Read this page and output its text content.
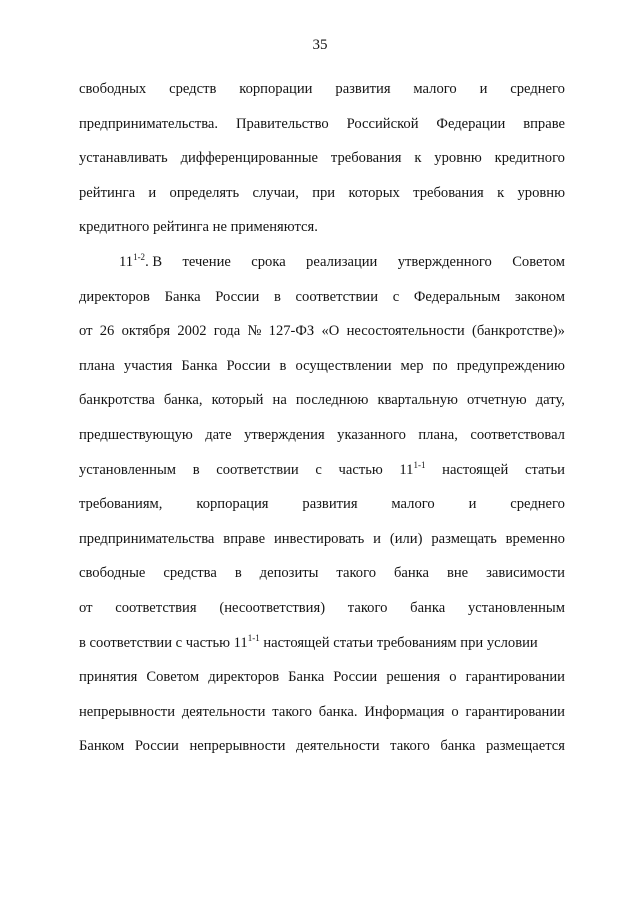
35
свободных средств корпорации развития малого и среднего
предпринимательства. Правительство Российской Федерации вправе
устанавливать дифференцированные требования к уровню кредитного
рейтинга и определять случаи, при которых требования к уровню
кредитного рейтинга не применяются.
11$^{1-2}$. В течение срока реализации утвержденного Советом
директоров Банка России в соответствии с Федеральным законом
от 26 октября 2002 года № 127-ФЗ «О несостоятельности (банкротстве)»
плана участия Банка России в осуществлении мер по предупреждению
банкротства банка, который на последнюю квартальную отчетную дату,
предшествующую дате утверждения указанного плана, соответствовал
установленным в соответствии с частью 11$^{1-1}$ настоящей статьи
требованиям, корпорация развития малого и среднего
предпринимательства вправе инвестировать и (или) размещать временно
свободные средства в депозиты такого банка вне зависимости
от соответствия (несоответствия) такого банка установленным
в соответствии с частью 11$^{1-1}$ настоящей статьи требованиям при условии
принятия Советом директоров Банка России решения о гарантировании
непрерывности деятельности такого банка. Информация о гарантировании
Банком России непрерывности деятельности такого банка размещается
